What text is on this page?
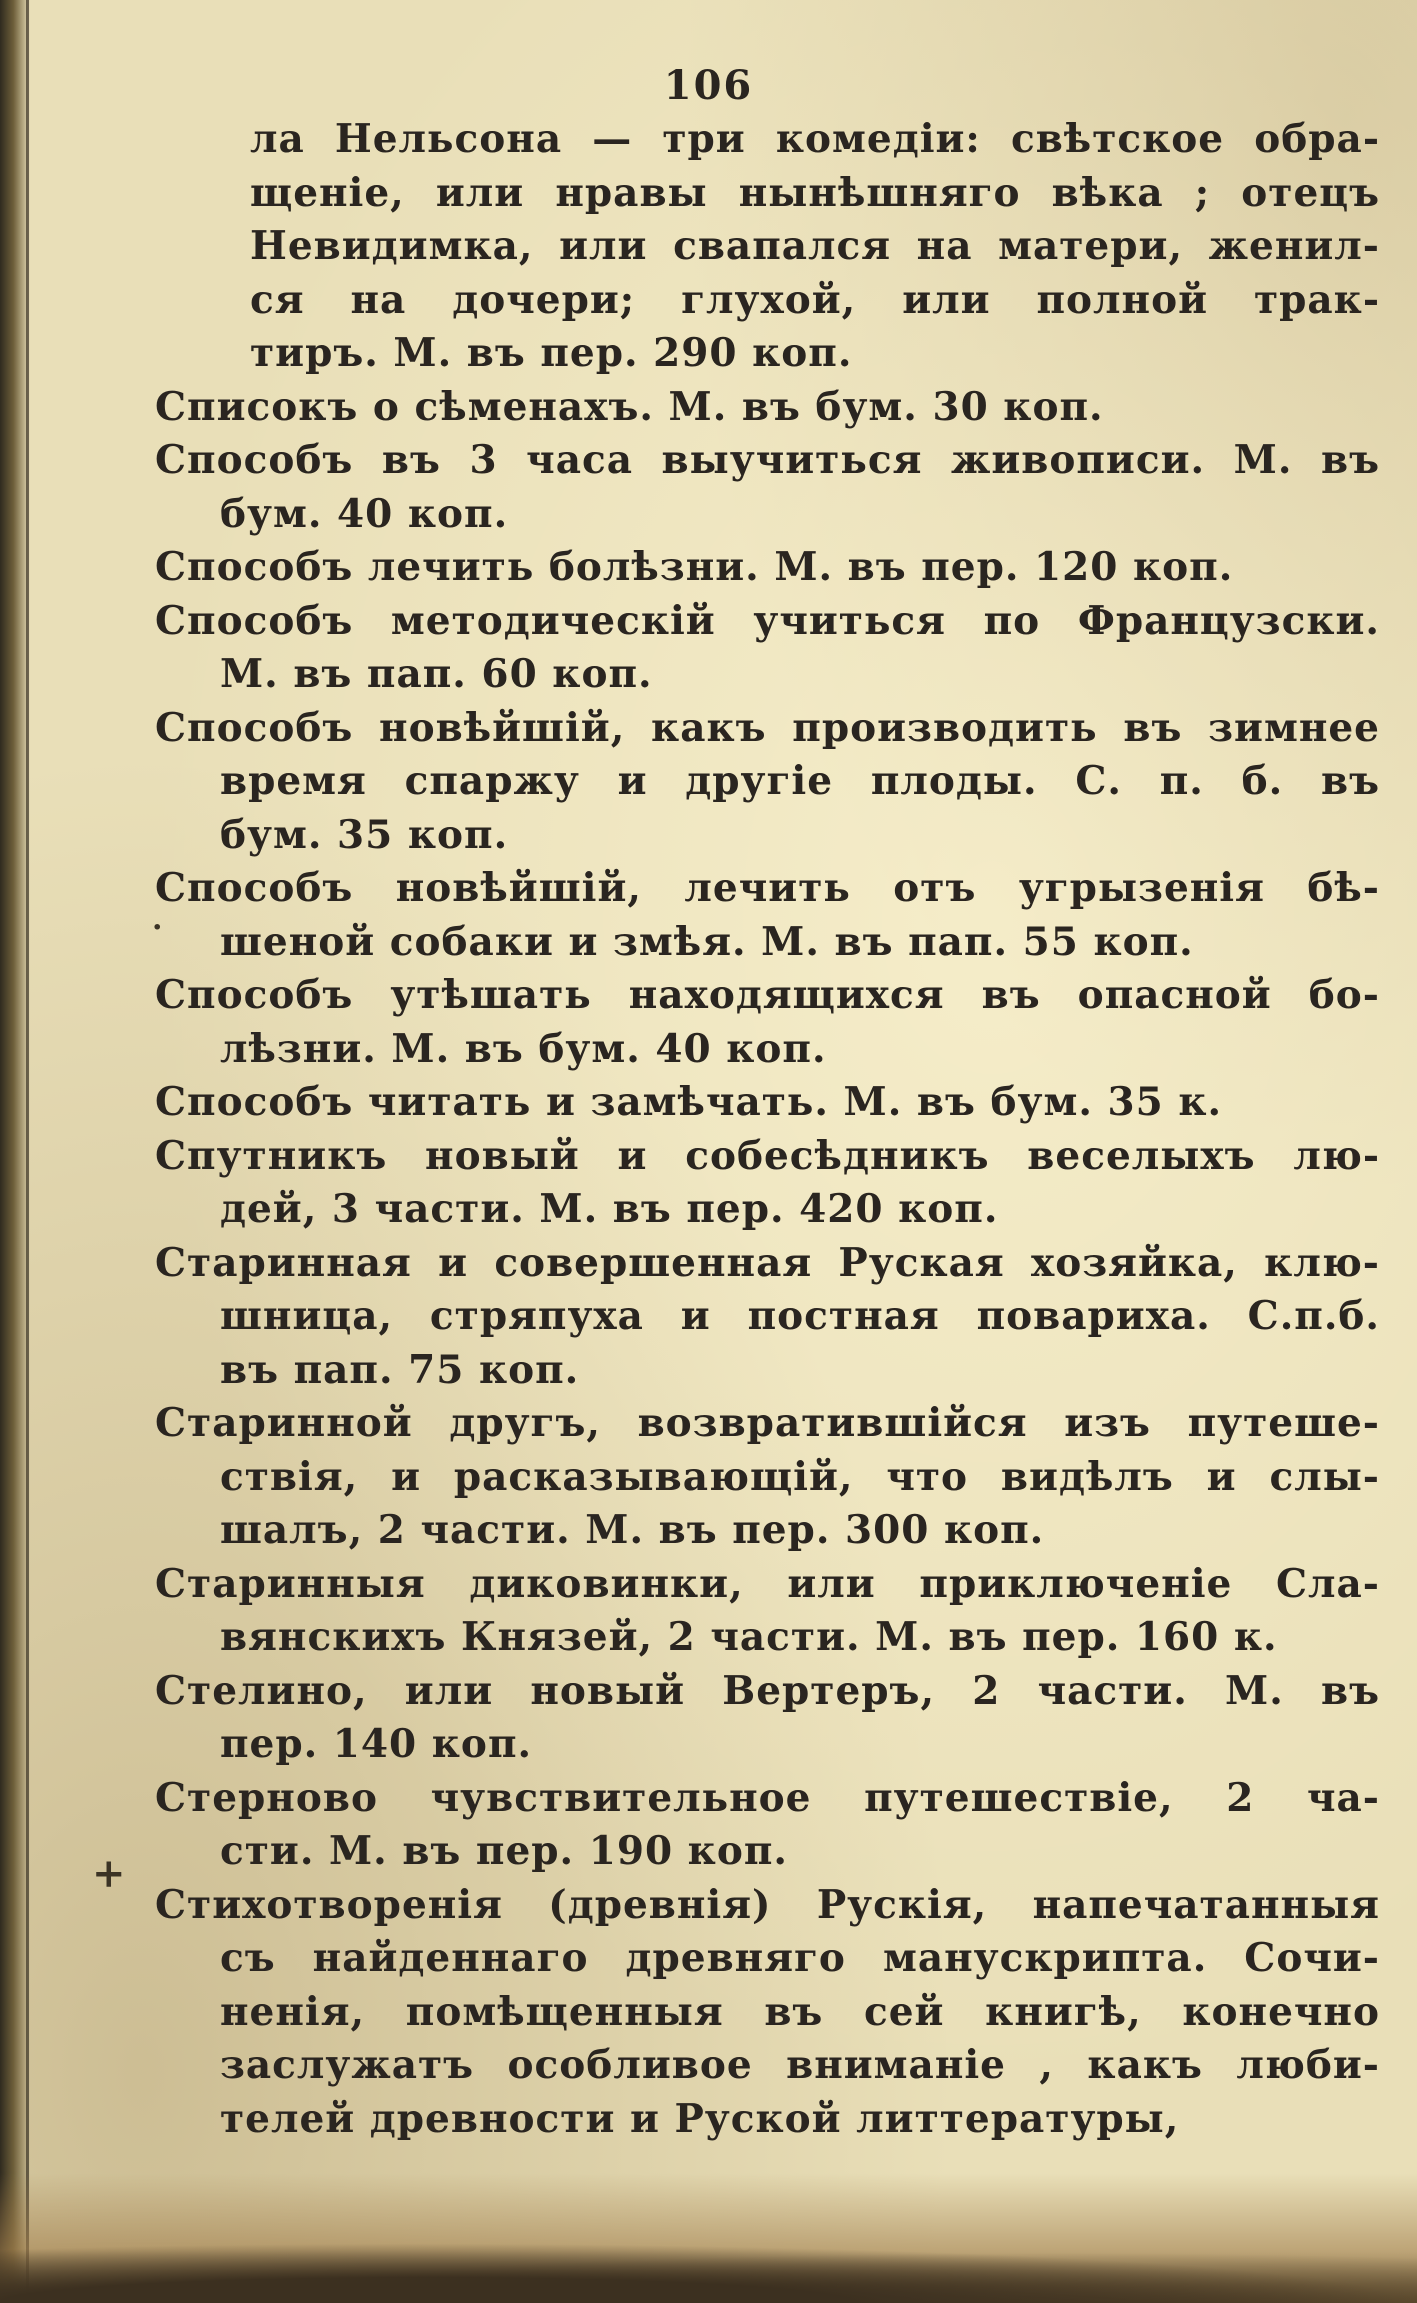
106
ла Нельсона — три комедіи: свѣтское обра-
щеніе, или нравы нынѣшняго вѣка ; отецъ
Невидимка, или свапался на матери, женил-
ся на дочери; глухой, или полной трак-
тиръ. М. въ пер. 290 коп.
Списокъ о сѣменахъ. М. въ бум. 30 коп.
Способъ въ 3 часа выучиться живописи. М. въ
бум. 40 коп.
Способъ лечить болѣзни. М. въ пер. 120 коп.
Способъ методическій учиться по Французски.
М. въ пап. 60 коп.
Способъ новѣйшій, какъ производить въ зимнее
время спаржу и другіе плоды. С. п. б. въ
бум. 35 коп.
Способъ новѣйшій, лечить отъ угрызенія бѣ-
шеной собаки и змѣя. М. въ пап. 55 коп.
Способъ утѣшать находящихся въ опасной бо-
лѣзни. М. въ бум. 40 коп.
Способъ читать и замѣчать. М. въ бум. 35 к.
Спутникъ новый и собесѣдникъ веселыхъ лю-
дей, 3 части. М. въ пер. 420 коп.
Старинная и совершенная Руская хозяйка, клю-
шница, стряпуха и постная повариха. С.п.б.
въ пап. 75 коп.
Старинной другъ, возвратившійся изъ путеше-
ствія, и расказывающій, что видѣлъ и слы-
шалъ, 2 части. М. въ пер. 300 коп.
Старинныя диковинки, или приключеніе Сла-
вянскихъ Князей, 2 части. М. въ пер. 160 к.
Стелино, или новый Вертеръ, 2 части. М. въ
пер. 140 коп.
Стерново чувствительное путешествіе, 2 ча-
сти. М. въ пер. 190 коп.
Стихотворенія (древнія) Рускія, напечатанныя
съ найденнаго древняго манускрипта. Сочи-
ненія, помѣщенныя въ сей книгѣ, конечно
заслужатъ особливое вниманіе , какъ люби-
телей древности и Руской литтературы,
+
·
